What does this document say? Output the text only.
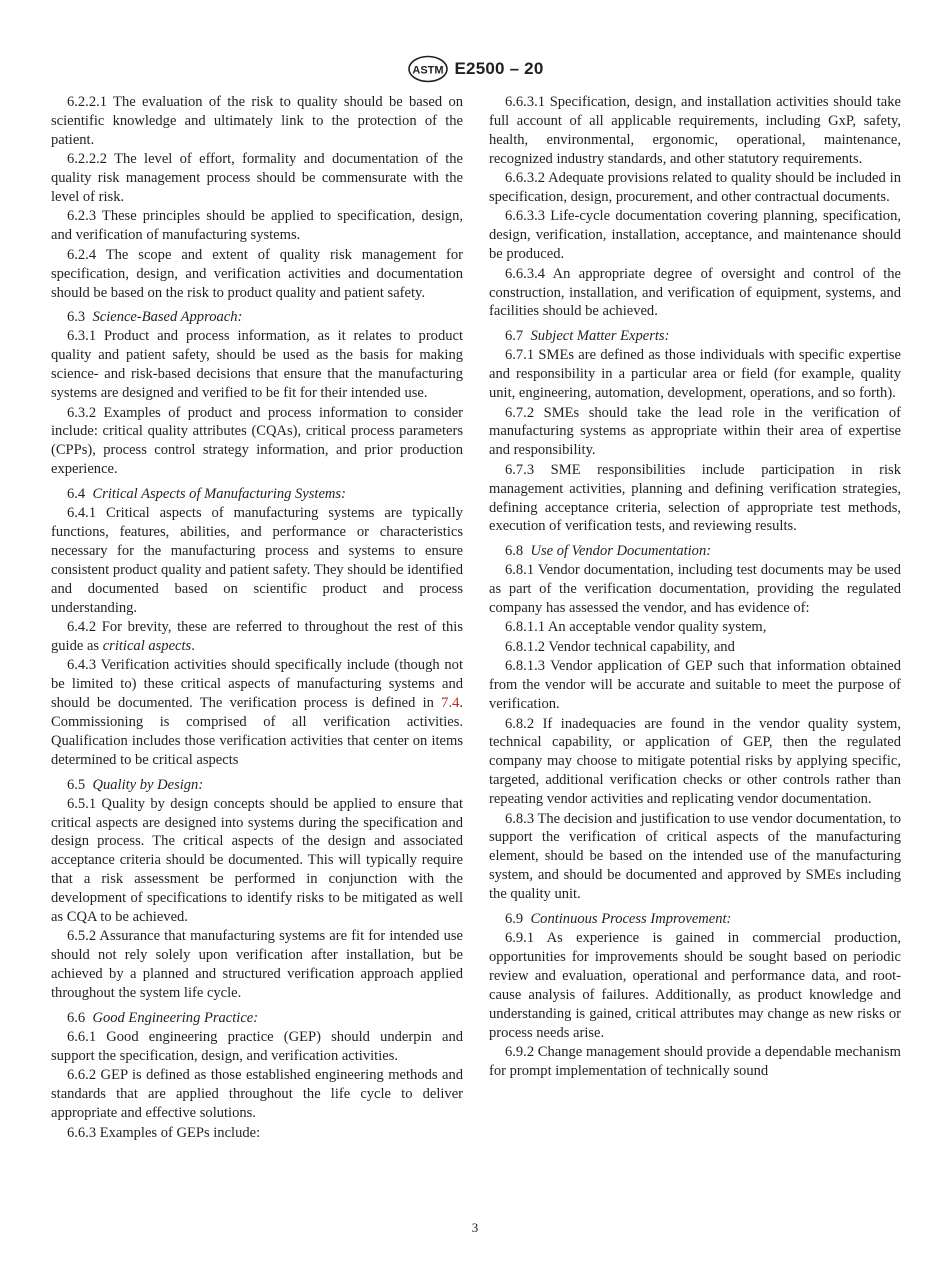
ASTM E2500 – 20

6.2.2.1 The evaluation of the risk to quality should be based on scientific knowledge and ultimately link to the protection of the patient.

6.2.2.2 The level of effort, formality and documentation of the quality risk management process should be commensurate with the level of risk.

6.2.3 These principles should be applied to specification, design, and verification of manufacturing systems.

6.2.4 The scope and extent of quality risk management for specification, design, and verification activities and documentation should be based on the risk to product quality and patient safety.

6.3 Science-Based Approach:

6.3.1 Product and process information, as it relates to product quality and patient safety, should be used as the basis for making science- and risk-based decisions that ensure that the manufacturing systems are designed and verified to be fit for their intended use.

6.3.2 Examples of product and process information to consider include: critical quality attributes (CQAs), critical process parameters (CPPs), process control strategy information, and prior production experience.

6.4 Critical Aspects of Manufacturing Systems:

6.4.1 Critical aspects of manufacturing systems are typically functions, features, abilities, and performance or characteristics necessary for the manufacturing process and systems to ensure consistent product quality and patient safety. They should be identified and documented based on scientific product and process understanding.

6.4.2 For brevity, these are referred to throughout the rest of this guide as critical aspects.

6.4.3 Verification activities should specifically include (though not be limited to) these critical aspects of manufacturing systems and should be documented. The verification process is defined in 7.4. Commissioning is comprised of all verification activities. Qualification includes those verification activities that center on items determined to be critical aspects

6.5 Quality by Design:

6.5.1 Quality by design concepts should be applied to ensure that critical aspects are designed into systems during the specification and design process. The critical aspects of the design and associated acceptance criteria should be documented. This will typically require that a risk assessment be performed in conjunction with the development of specifications to identify risks to be mitigated as well as CQA to be achieved.

6.5.2 Assurance that manufacturing systems are fit for intended use should not rely solely upon verification after installation, but be achieved by a planned and structured verification approach applied throughout the system life cycle.

6.6 Good Engineering Practice:

6.6.1 Good engineering practice (GEP) should underpin and support the specification, design, and verification activities.

6.6.2 GEP is defined as those established engineering methods and standards that are applied throughout the life cycle to deliver appropriate and effective solutions.

6.6.3 Examples of GEPs include:

6.6.3.1 Specification, design, and installation activities should take full account of all applicable requirements, including GxP, safety, health, environmental, ergonomic, operational, maintenance, recognized industry standards, and other statutory requirements.

6.6.3.2 Adequate provisions related to quality should be included in specification, design, procurement, and other contractual documents.

6.6.3.3 Life-cycle documentation covering planning, specification, design, verification, installation, acceptance, and maintenance should be produced.

6.6.3.4 An appropriate degree of oversight and control of the construction, installation, and verification of equipment, systems, and facilities should be achieved.

6.7 Subject Matter Experts:

6.7.1 SMEs are defined as those individuals with specific expertise and responsibility in a particular area or field (for example, quality unit, engineering, automation, development, operations, and so forth).

6.7.2 SMEs should take the lead role in the verification of manufacturing systems as appropriate within their area of expertise and responsibility.

6.7.3 SME responsibilities include participation in risk management activities, planning and defining verification strategies, defining acceptance criteria, selection of appropriate test methods, execution of verification tests, and reviewing results.

6.8 Use of Vendor Documentation:

6.8.1 Vendor documentation, including test documents may be used as part of the verification documentation, providing the regulated company has assessed the vendor, and has evidence of:

6.8.1.1 An acceptable vendor quality system,

6.8.1.2 Vendor technical capability, and

6.8.1.3 Vendor application of GEP such that information obtained from the vendor will be accurate and suitable to meet the purpose of verification.

6.8.2 If inadequacies are found in the vendor quality system, technical capability, or application of GEP, then the regulated company may choose to mitigate potential risks by applying specific, targeted, additional verification checks or other controls rather than repeating vendor activities and replicating vendor documentation.

6.8.3 The decision and justification to use vendor documentation, to support the verification of critical aspects of the manufacturing element, should be based on the intended use of the manufacturing system, and should be documented and approved by SMEs including the quality unit.

6.9 Continuous Process Improvement:

6.9.1 As experience is gained in commercial production, opportunities for improvements should be sought based on periodic review and evaluation, operational and performance data, and root-cause analysis of failures. Additionally, as product knowledge and understanding is gained, critical attributes may change as new risks or process needs arise.

6.9.2 Change management should provide a dependable mechanism for prompt implementation of technically sound

3
